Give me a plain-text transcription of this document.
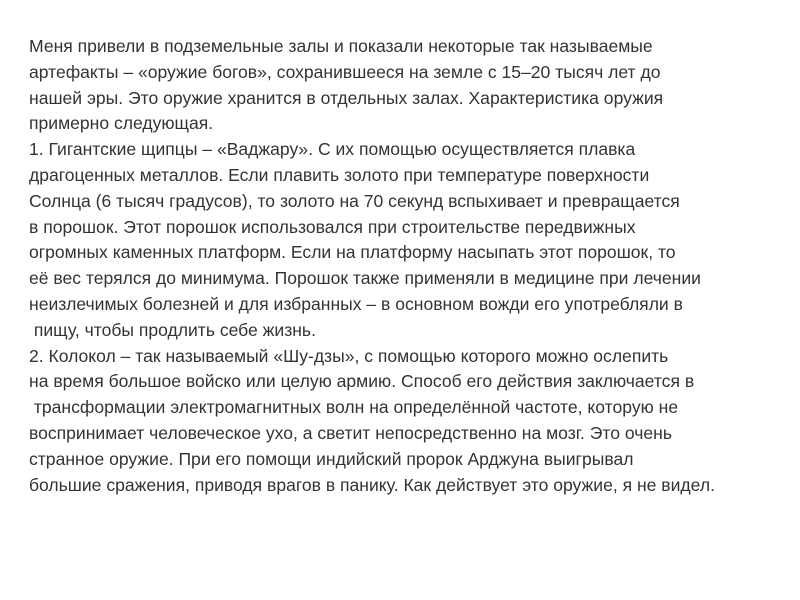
Меня привели в подземельные залы и показали некоторые так называемые
артефакты – «оружие богов», сохранившееся на земле с 15–20 тысяч лет до
нашей эры. Это оружие хранится в отдельных залах. Характеристика оружия
примерно следующая.
1. Гигантские щипцы – «Ваджару». С их помощью осуществляется плавка
драгоценных металлов. Если плавить золото при температуре поверхности
Солнца (6 тысяч градусов), то золото на 70 секунд вспыхивает и превращается
в порошок. Этот порошок использовался при строительстве передвижных
огромных каменных платформ. Если на платформу насыпать этот порошок, то
её вес терялся до минимума. Порошок также применяли в медицине при лечении
неизлечимых болезней и для избранных – в основном вожди его употребляли в
пищу, чтобы продлить себе жизнь.
2. Колокол – так называемый «Шу-дзы», с помощью которого можно ослепить
на время большое войско или целую армию. Способ его действия заключается в
трансформации электромагнитных волн на определённой частоте, которую не
воспринимает человеческое ухо, а светит непосредственно на мозг. Это очень
странное оружие. При его помощи индийский пророк Арджуна выигрывал
большие сражения, приводя врагов в панику. Как действует это оружие, я не видел.
